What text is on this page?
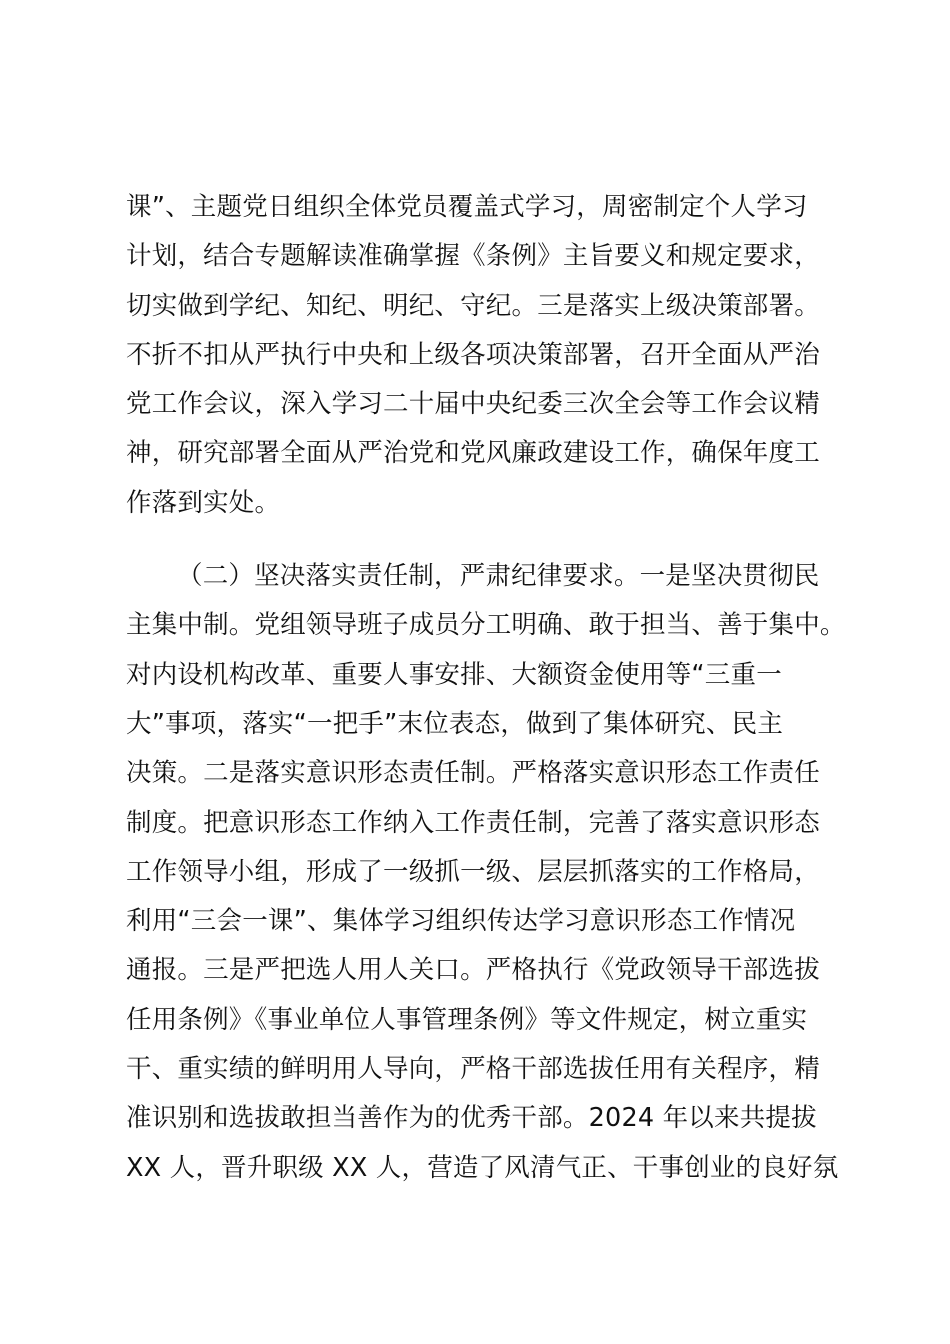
课”、主题党日组织全体党员覆盖式学习，周密制定个人学习
计划，结合专题解读准确掌握《条例》主旨要义和规定要求，
切实做到学纪、知纪、明纪、守纪。三是落实上级决策部署。
不折不扣从严执行中央和上级各项决策部署，召开全面从严治
党工作会议，深入学习二十届中央纪委三次全会等工作会议精
神，研究部署全面从严治党和党风廉政建设工作，确保年度工
作落到实处。
（二）坚决落实责任制，严肃纪律要求。一是坚决贯彻民
主集中制。党组领导班子成员分工明确、敢于担当、善于集中。
对内设机构改革、重要人事安排、大额资金使用等“三重一
大”事项，落实“一把手”末位表态，做到了集体研究、民主
决策。二是落实意识形态责任制。严格落实意识形态工作责任
制度。把意识形态工作纳入工作责任制，完善了落实意识形态
工作领导小组，形成了一级抓一级、层层抓落实的工作格局，
利用“三会一课”、集体学习组织传达学习意识形态工作情况
通报。三是严把选人用人关口。严格执行《党政领导干部选拔
任用条例》《事业单位人事管理条例》等文件规定，树立重实
干、重实绩的鲜明用人导向，严格干部选拔任用有关程序，精
准识别和选拔敢担当善作为的优秀干部。2024 年以来共提拔
XX 人，晋升职级 XX 人，营造了风清气正、干事创业的良好氛
